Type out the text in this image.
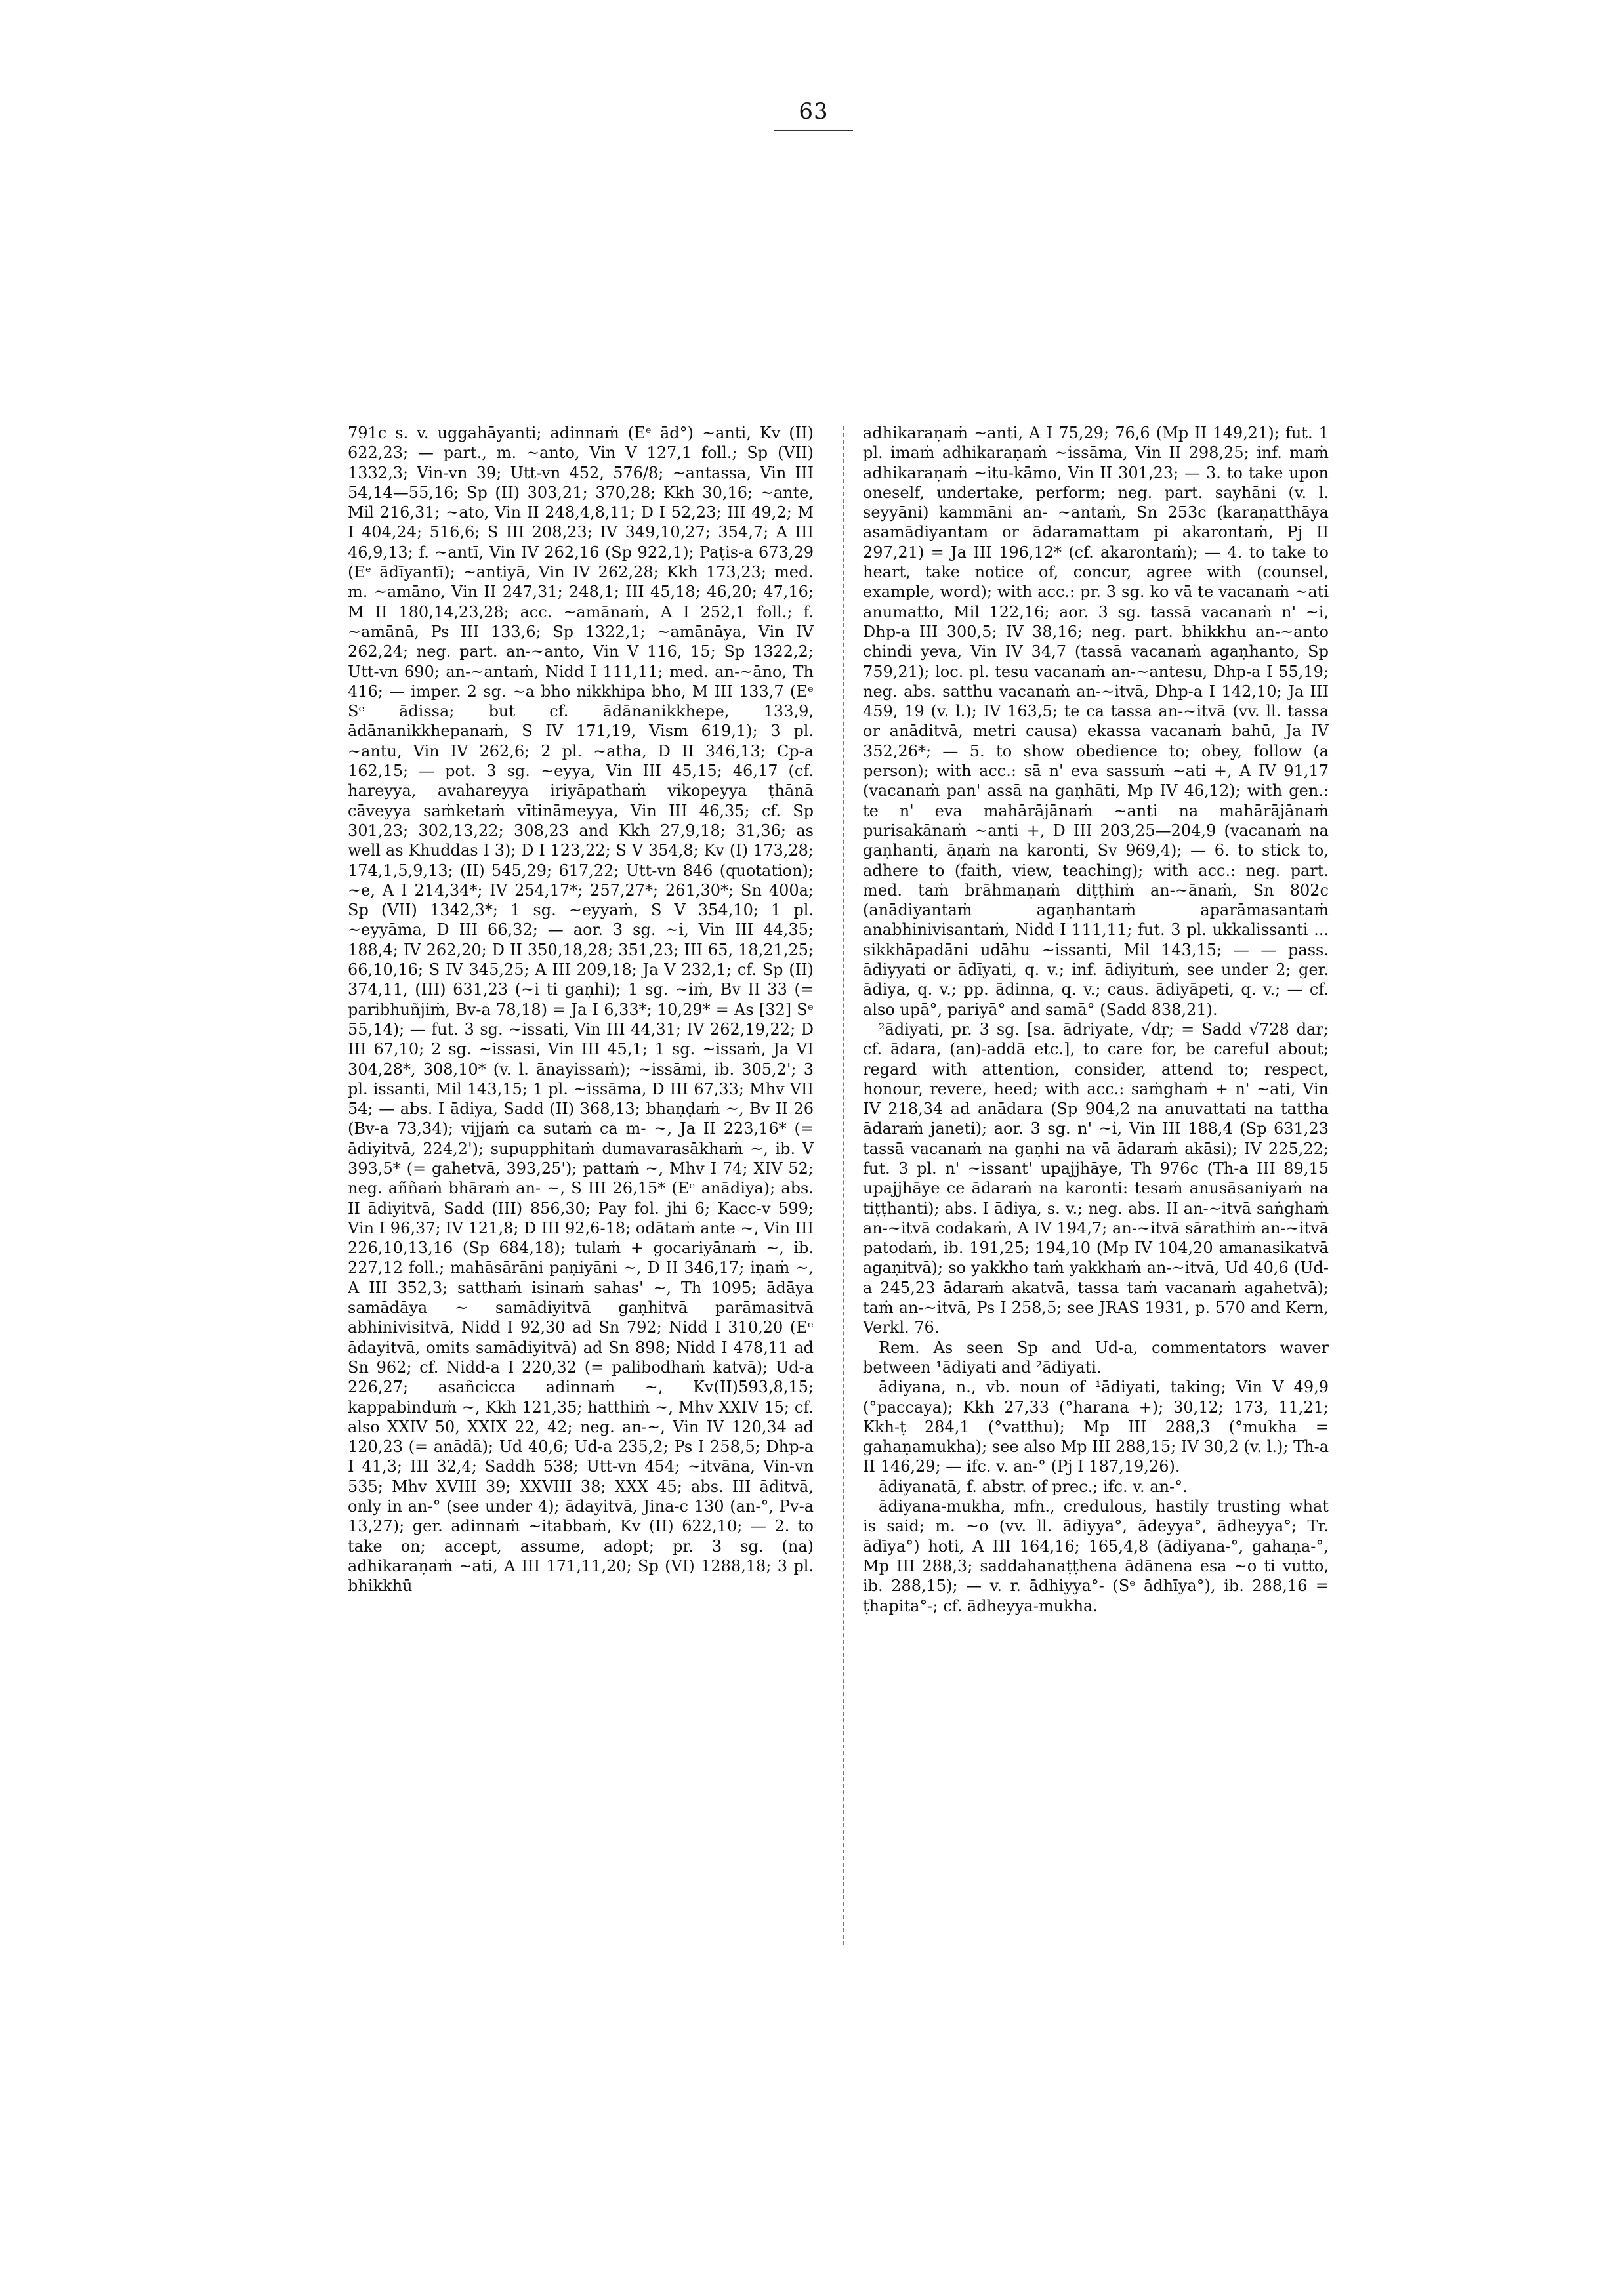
63

791c s. v. uggahāyanti; adinnaṁ (Eᵉ ād°) ~anti, Kv (II) 622,23; — part., m. ~anto, Vin V 127,1 foll.; Sp (VII) 1332,3; Vin-vn 39; Utt-vn 452, 576/8; ~antassa, Vin III 54,14—55,16; Sp (II) 303,21; 370,28; Kkh 30,16; ~ante, Mil 216,31; ~ato, Vin II 248,4,8,11; D I 52,23; III 49,2; M I 404,24; 516,6; S III 208,23; IV 349,10,27; 354,7; A III 46,9,13; f. ~antī, Vin IV 262,16 (Sp 922,1); Paṭis-a 673,29 (Eᵉ ādīyantī); ~antiyā, Vin IV 262,28; Kkh 173,23; med. m. ~amāno, Vin II 247,31; 248,1; III 45,18; 46,20; 47,16; M II 180,14,23,28; acc. ~amānaṁ, A I 252,1 foll.; f. ~amānā, Ps III 133,6; Sp 1322,1; ~amānāya, Vin IV 262,24; neg. part. an-~anto, Vin V 116, 15; Sp 1322,2; Utt-vn 690; an-~antaṁ, Nidd I 111,11; med. an-~āno, Th 416; — imper. 2 sg. ~a bho nikkhipa bho, M III 133,7 (Eᵉ Sᵉ ādissa; but cf. ādānanikkhepe, 133,9, ādānanikkhepanaṁ, S IV 171,19, Vism 619,1); 3 pl. ~antu, Vin IV 262,6; 2 pl. ~atha, D II 346,13; Cp-a 162,15; — pot. 3 sg. ~eyya, Vin III 45,15; 46,17 (cf. hareyya, avahareyya iriyāpathaṁ vikopeyya ṭhānā cāveyya saṁketaṁ vītināmeyya, Vin III 46,35; cf. Sp 301,23; 302,13,22; 308,23 and Kkh 27,9,18; 31,36; as well as Khuddas I 3); D I 123,22; S V 354,8; Kv (I) 173,28; 174,1,5,9,13; (II) 545,29; 617,22; Utt-vn 846 (quotation); ~e, A I 214,34*; IV 254,17*; 257,27*; 261,30*; Sn 400a; Sp (VII) 1342,3*; 1 sg. ~eyyaṁ, S V 354,10; 1 pl. ~eyyāma, D III 66,32; — aor. 3 sg. ~i, Vin III 44,35; 188,4; IV 262,20; D II 350,18,28; 351,23; III 65, 18,21,25; 66,10,16; S IV 345,25; A III 209,18; Ja V 232,1; cf. Sp (II) 374,11, (III) 631,23 (~i ti gaṇhi); 1 sg. ~iṁ, Bv II 33 (= paribhuñjiṁ, Bv-a 78,18) = Ja I 6,33*; 10,29* = As [32] Sᵉ 55,14); — fut. 3 sg. ~issati, Vin III 44,31; IV 262,19,22; D III 67,10; 2 sg. ~issasi, Vin III 45,1; 1 sg. ~issaṁ, Ja VI 304,28*, 308,10* (v. l. ānayissaṁ); ~issāmi, ib. 305,2'; 3 pl. issanti, Mil 143,15; 1 pl. ~issāma, D III 67,33; Mhv VII 54; — abs. I ādiya, Sadd (II) 368,13; bhaṇḍaṁ ~, Bv II 26 (Bv-a 73,34); vijjaṁ ca sutaṁ ca m- ~, Ja II 223,16* (= ādiyitvā, 224,2'); supupphitaṁ dumavarasākhaṁ ~, ib. V 393,5* (= gahetvā, 393,25'); pattaṁ ~, Mhv I 74; XIV 52; neg. aññaṁ bhāraṁ an- ~, S III 26,15* (Eᵉ anādiya); abs. II ādiyitvā, Sadd (III) 856,30; Pay fol. jhi 6; Kacc-v 599; Vin I 96,37; IV 121,8; D III 92,6-18; odātaṁ ante ~, Vin III 226,10,13,16 (Sp 684,18); tulaṁ + gocariyānaṁ ~, ib. 227,12 foll.; mahāsārāni paṇiyāni ~, D II 346,17; iṇaṁ ~, A III 352,3; satthaṁ isinaṁ sahas' ~, Th 1095; ādāya samādāya ~ samādiyitvā gaṇhitvā parāmasitvā abhinivisitvā, Nidd I 92,30 ad Sn 792; Nidd I 310,20 (Eᵉ ādayitvā, omits samādiyitvā) ad Sn 898; Nidd I 478,11 ad Sn 962; cf. Nidd-a I 220,32 (= palibodhaṁ katvā); Ud-a 226,27; asañcicca adinnaṁ ~, Kv(II)593,8,15; kappabinduṁ ~, Kkh 121,35; hatthiṁ ~, Mhv XXIV 15; cf. also XXIV 50, XXIX 22, 42; neg. an-~, Vin IV 120,34 ad 120,23 (= anādā); Ud 40,6; Ud-a 235,2; Ps I 258,5; Dhp-a I 41,3; III 32,4; Saddh 538; Utt-vn 454; ~itvāna, Vin-vn 535; Mhv XVIII 39; XXVIII 38; XXX 45; abs. III āditvā, only in an-° (see under 4); ādayitvā, Jina-c 130 (an-°, Pv-a 13,27); ger. adinnaṁ ~itabbaṁ, Kv (II) 622,10; — 2. to take on; accept, assume, adopt; pr. 3 sg. (na) adhikaraṇaṁ ~ati, A III 171,11,20; Sp (VI) 1288,18; 3 pl. bhikkhū

adhikaraṇaṁ ~anti, A I 75,29; 76,6 (Mp II 149,21); fut. 1 pl. imaṁ adhikaraṇaṁ ~issāma, Vin II 298,25; inf. maṁ adhikaraṇaṁ ~itu-kāmo, Vin II 301,23; — 3. to take upon oneself, undertake, perform; neg. part. sayhāni (v. l. seyyāni) kammāni an- ~antaṁ, Sn 253c (karaṇatthāya asamādiyantam or ādaramattam pi akarontaṁ, Pj II 297,21) = Ja III 196,12* (cf. akarontaṁ); — 4. to take to heart, take notice of, concur, agree with (counsel, example, word); with acc.: pr. 3 sg. ko vā te vacanaṁ ~ati anumatto, Mil 122,16; aor. 3 sg. tassā vacanaṁ n' ~i, Dhp-a III 300,5; IV 38,16; neg. part. bhikkhu an-~anto chindi yeva, Vin IV 34,7 (tassā vacanaṁ agaṇhanto, Sp 759,21); loc. pl. tesu vacanaṁ an-~antesu, Dhp-a I 55,19; neg. abs. satthu vacanaṁ an-~itvā, Dhp-a I 142,10; Ja III 459, 19 (v. l.); IV 163,5; te ca tassa an-~itvā (vv. ll. tassa or anāditvā, metri causa) ekassa vacanaṁ bahū, Ja IV 352,26*; — 5. to show obedience to; obey, follow (a person); with acc.: sā n' eva sassuṁ ~ati +, A IV 91,17 (vacanaṁ pan' assā na gaṇhāti, Mp IV 46,12); with gen.: te n' eva mahārājānaṁ ~anti na mahārājānaṁ purisakānaṁ ~anti +, D III 203,25—204,9 (vacanaṁ na gaṇhanti, āṇaṁ na karonti, Sv 969,4); — 6. to stick to, adhere to (faith, view, teaching); with acc.: neg. part. med. taṁ brāhmaṇaṁ diṭṭhiṁ an-~ānaṁ, Sn 802c (anādiyantaṁ agaṇhantaṁ aparāmasantaṁ anabhinivisantaṁ, Nidd I 111,11; fut. 3 pl. ukkalissanti ... sikkhāpadāni udāhu ~issanti, Mil 143,15; — — pass. ādiyyati or ādīyati, q. v.; inf. ādiyituṁ, see under 2; ger. ādiya, q. v.; pp. ādinna, q. v.; caus. ādiyāpeti, q. v.; — cf. also upā°, pariyā° and samā° (Sadd 838,21).

²ādiyati, pr. 3 sg. [sa. ādriyate, √dṛ; = Sadd √728 dar; cf. ādara, (an)-addā etc.], to care for, be careful about; regard with attention, consider, attend to; respect, honour, revere, heed; with acc.: saṁghaṁ + n' ~ati, Vin IV 218,34 ad anādara (Sp 904,2 na anuvattati na tattha ādaraṁ janeti); aor. 3 sg. n' ~i, Vin III 188,4 (Sp 631,23 tassā vacanaṁ na gaṇhi na vā ādaraṁ akāsi); IV 225,22; fut. 3 pl. n' ~issant' upajjhāye, Th 976c (Th-a III 89,15 upajjhāye ce ādaraṁ na karonti: tesaṁ anusāsaniyaṁ na tiṭṭhanti); abs. I ādiya, s. v.; neg. abs. II an-~itvā saṅghaṁ an-~itvā codakaṁ, A IV 194,7; an-~itvā sārathiṁ an-~itvā patodaṁ, ib. 191,25; 194,10 (Mp IV 104,20 amanasikatvā agaṇitvā); so yakkho taṁ yakkhaṁ an-~itvā, Ud 40,6 (Ud-a 245,23 ādaraṁ akatvā, tassa taṁ vacanaṁ agahetvā); taṁ an-~itvā, Ps I 258,5; see JRAS 1931, p. 570 and Kern, Verkl. 76.

Rem. As seen Sp and Ud-a, commentators waver between ¹ādiyati and ²ādiyati.

ādiyana, n., vb. noun of ¹ādiyati, taking; Vin V 49,9 (°paccaya); Kkh 27,33 (°harana +); 30,12; 173, 11,21; Kkh-ṭ 284,1 (°vatthu); Mp III 288,3 (°mukha = gahaṇamukha); see also Mp III 288,15; IV 30,2 (v. l.); Th-a II 146,29; — ifc. v. an-° (Pj I 187,19,26).

ādiyanatā, f. abstr. of prec.; ifc. v. an-°.

ādiyana-mukha, mfn., credulous, hastily trusting what is said; m. ~o (vv. ll. ādiyya°, ādeyya°, ādheyya°; Tr. ādīya°) hoti, A III 164,16; 165,4,8 (ādiyana-°, gahaṇa-°, Mp III 288,3; saddahanaṭṭhena ādānena esa ~o ti vutto, ib. 288,15); — v. r. ādhiyya°- (Sᵉ ādhīya°), ib. 288,16 = ṭhapita°-; cf. ādheyya-mukha.
